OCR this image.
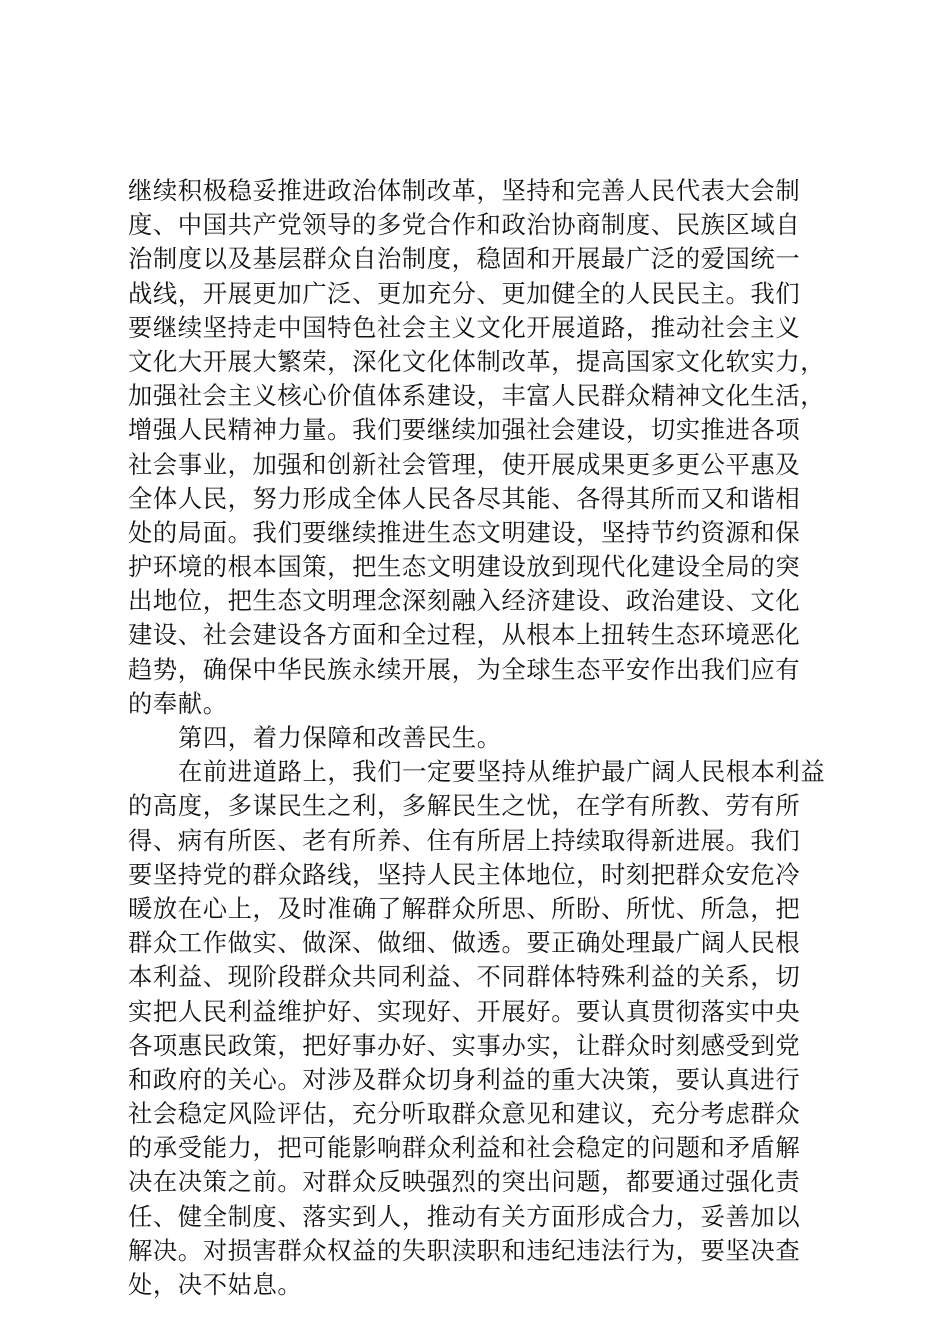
继续积极稳妥推进政治体制改革，坚持和完善人民代表大会制
度、中国共产党领导的多党合作和政治协商制度、民族区域自
治制度以及基层群众自治制度，稳固和开展最广泛的爱国统一
战线，开展更加广泛、更加充分、更加健全的人民民主。我们
要继续坚持走中国特色社会主义文化开展道路，推动社会主义
文化大开展大繁荣，深化文化体制改革，提高国家文化软实力，
加强社会主义核心价值体系建设，丰富人民群众精神文化生活，
增强人民精神力量。我们要继续加强社会建设，切实推进各项
社会事业，加强和创新社会管理，使开展成果更多更公平惠及
全体人民，努力形成全体人民各尽其能、各得其所而又和谐相
处的局面。我们要继续推进生态文明建设，坚持节约资源和保
护环境的根本国策，把生态文明建设放到现代化建设全局的突
出地位，把生态文明理念深刻融入经济建设、政治建设、文化
建设、社会建设各方面和全过程，从根本上扭转生态环境恶化
趋势，确保中华民族永续开展，为全球生态平安作出我们应有
的奉献。
第四，着力保障和改善民生。
在前进道路上，我们一定要坚持从维护最广阔人民根本利益
的高度，多谋民生之利，多解民生之忧，在学有所教、劳有所
得、病有所医、老有所养、住有所居上持续取得新进展。我们
要坚持党的群众路线，坚持人民主体地位，时刻把群众安危冷
暖放在心上，及时准确了解群众所思、所盼、所忧、所急，把
群众工作做实、做深、做细、做透。要正确处理最广阔人民根
本利益、现阶段群众共同利益、不同群体特殊利益的关系，切
实把人民利益维护好、实现好、开展好。要认真贯彻落实中央
各项惠民政策，把好事办好、实事办实，让群众时刻感受到党
和政府的关心。对涉及群众切身利益的重大决策，要认真进行
社会稳定风险评估，充分听取群众意见和建议，充分考虑群众
的承受能力，把可能影响群众利益和社会稳定的问题和矛盾解
决在决策之前。对群众反映强烈的突出问题，都要通过强化责
任、健全制度、落实到人，推动有关方面形成合力，妥善加以
解决。对损害群众权益的失职渎职和违纪违法行为，要坚决查
处，决不姑息。
